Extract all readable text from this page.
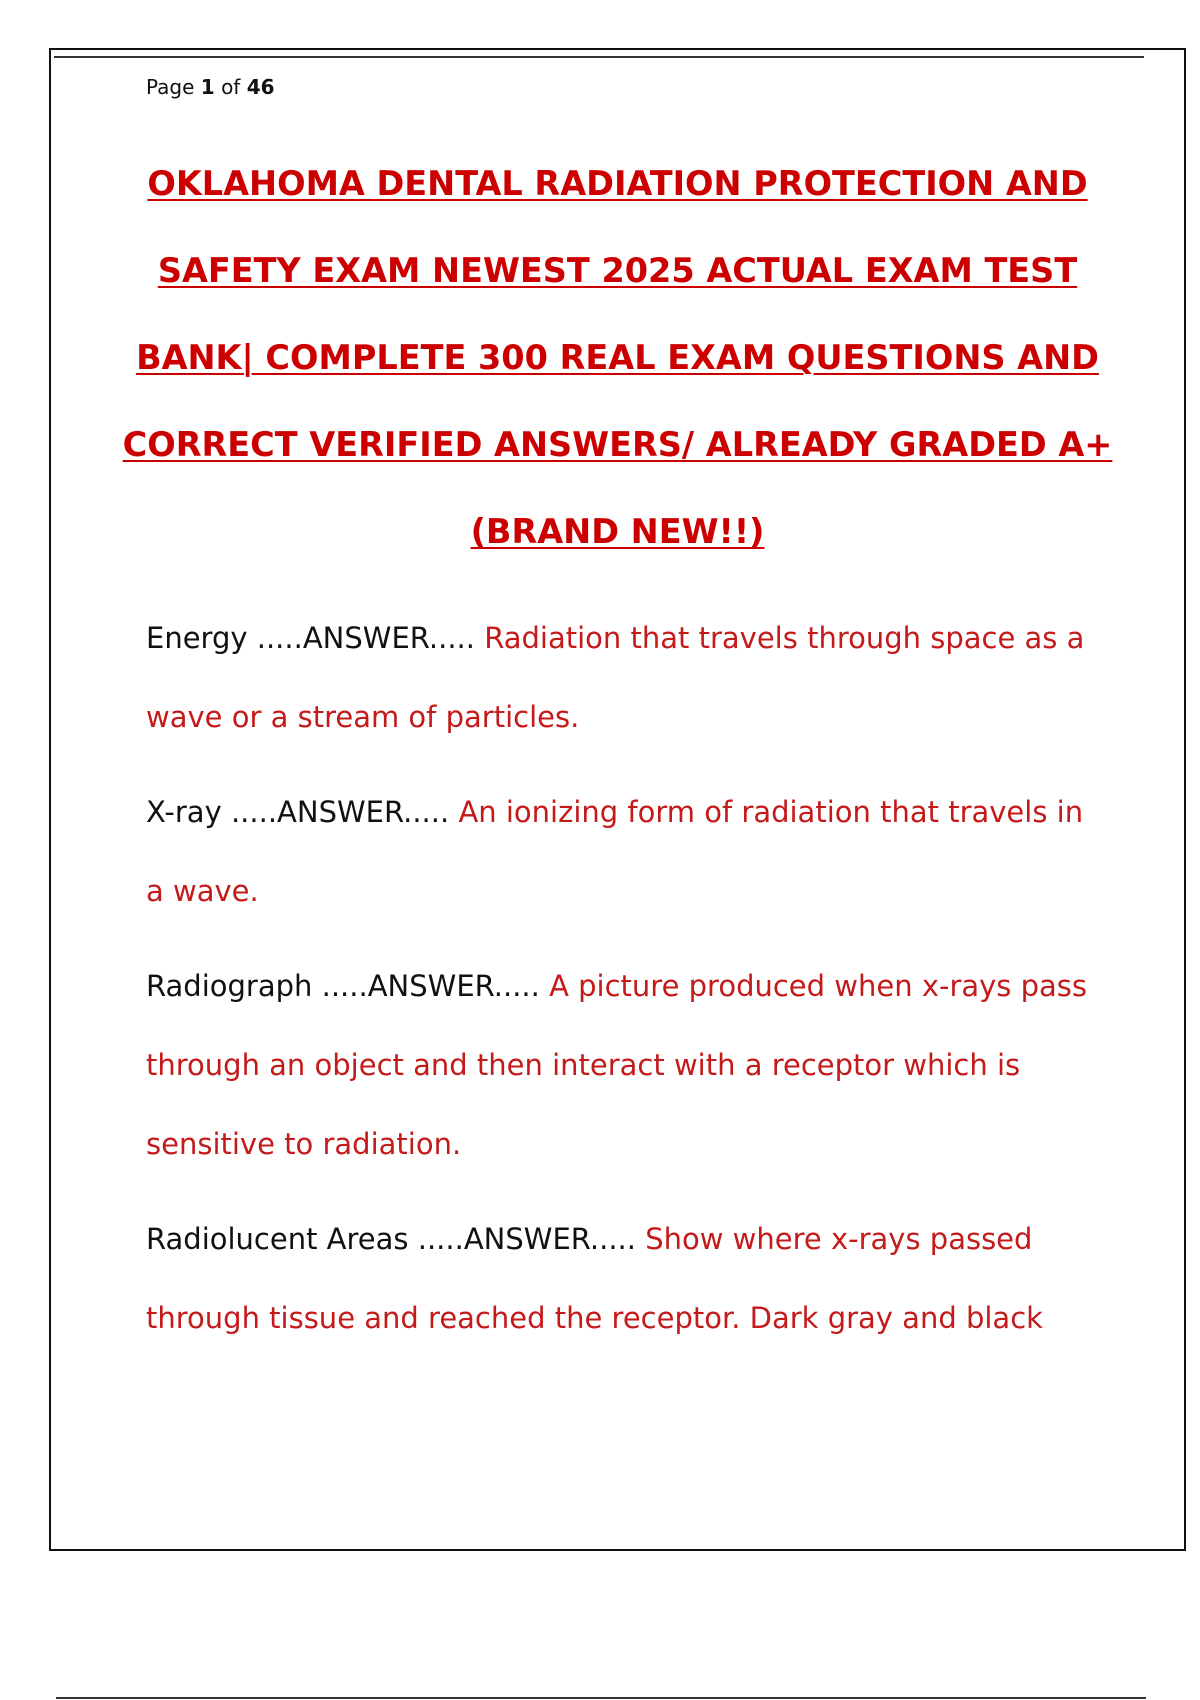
Page 1 of 46
OKLAHOMA DENTAL RADIATION PROTECTION AND
SAFETY EXAM NEWEST 2025 ACTUAL EXAM TEST
BANK| COMPLETE 300 REAL EXAM QUESTIONS AND
CORRECT VERIFIED ANSWERS/ ALREADY GRADED A+
(BRAND NEW!!)

Energy .....ANSWER..... Radiation that travels through space as a wave or a stream of particles.

X-ray .....ANSWER..... An ionizing form of radiation that travels in a wave.

Radiograph .....ANSWER..... A picture produced when x-rays pass through an object and then interact with a receptor which is sensitive to radiation.

Radiolucent Areas .....ANSWER..... Show where x-rays passed through tissue and reached the receptor. Dark gray and black
